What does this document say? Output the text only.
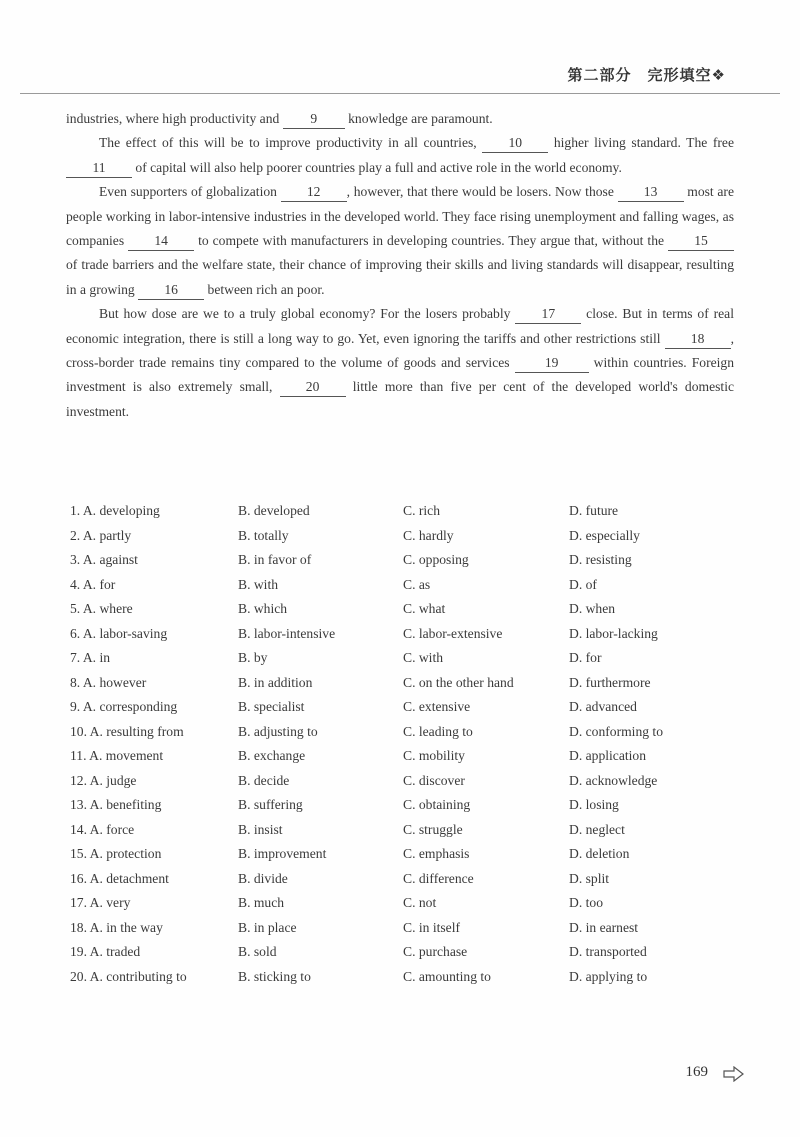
第二部分　完形填空❖

industries, where high productivity and 9 knowledge are paramount.

The effect of this will be to improve productivity in all countries, 10 higher living standard. The free 11 of capital will also help poorer countries play a full and active role in the world economy.

Even supporters of globalization 12 , however, that there would be losers. Now those 13 most are people working in labor-intensive industries in the developed world. They face rising unemployment and falling wages, as companies 14 to compete with manufacturers in developing countries. They argue that, without the 15 of trade barriers and the welfare state, their chance of improving their skills and living standards will disappear, resulting in a growing 16 between rich an poor.

But how dose are we to a truly global economy? For the losers probably 17 close. But in terms of real economic integration, there is still a long way to go. Yet, even ignoring the tariffs and other restrictions still 18 , cross-border trade remains tiny compared to the volume of goods and services 19 within countries. Foreign investment is also extremely small, 20 little more than five per cent of the developed world's domestic investment.

1. A. developing	B. developed	C. rich	D. future
2. A. partly	B. totally	C. hardly	D. especially
3. A. against	B. in favor of	C. opposing	D. resisting
4. A. for	B. with	C. as	D. of
5. A. where	B. which	C. what	D. when
6. A. labor-saving	B. labor-intensive	C. labor-extensive	D. labor-lacking
7. A. in	B. by	C. with	D. for
8. A. however	B. in addition	C. on the other hand	D. furthermore
9. A. corresponding	B. specialist	C. extensive	D. advanced
10. A. resulting from	B. adjusting to	C. leading to	D. conforming to
11. A. movement	B. exchange	C. mobility	D. application
12. A. judge	B. decide	C. discover	D. acknowledge
13. A. benefiting	B. suffering	C. obtaining	D. losing
14. A. force	B. insist	C. struggle	D. neglect
15. A. protection	B. improvement	C. emphasis	D. deletion
16. A. detachment	B. divide	C. difference	D. split
17. A. very	B. much	C. not	D. too
18. A. in the way	B. in place	C. in itself	D. in earnest
19. A. traded	B. sold	C. purchase	D. transported
20. A. contributing to	B. sticking to	C. amounting to	D. applying to
169
